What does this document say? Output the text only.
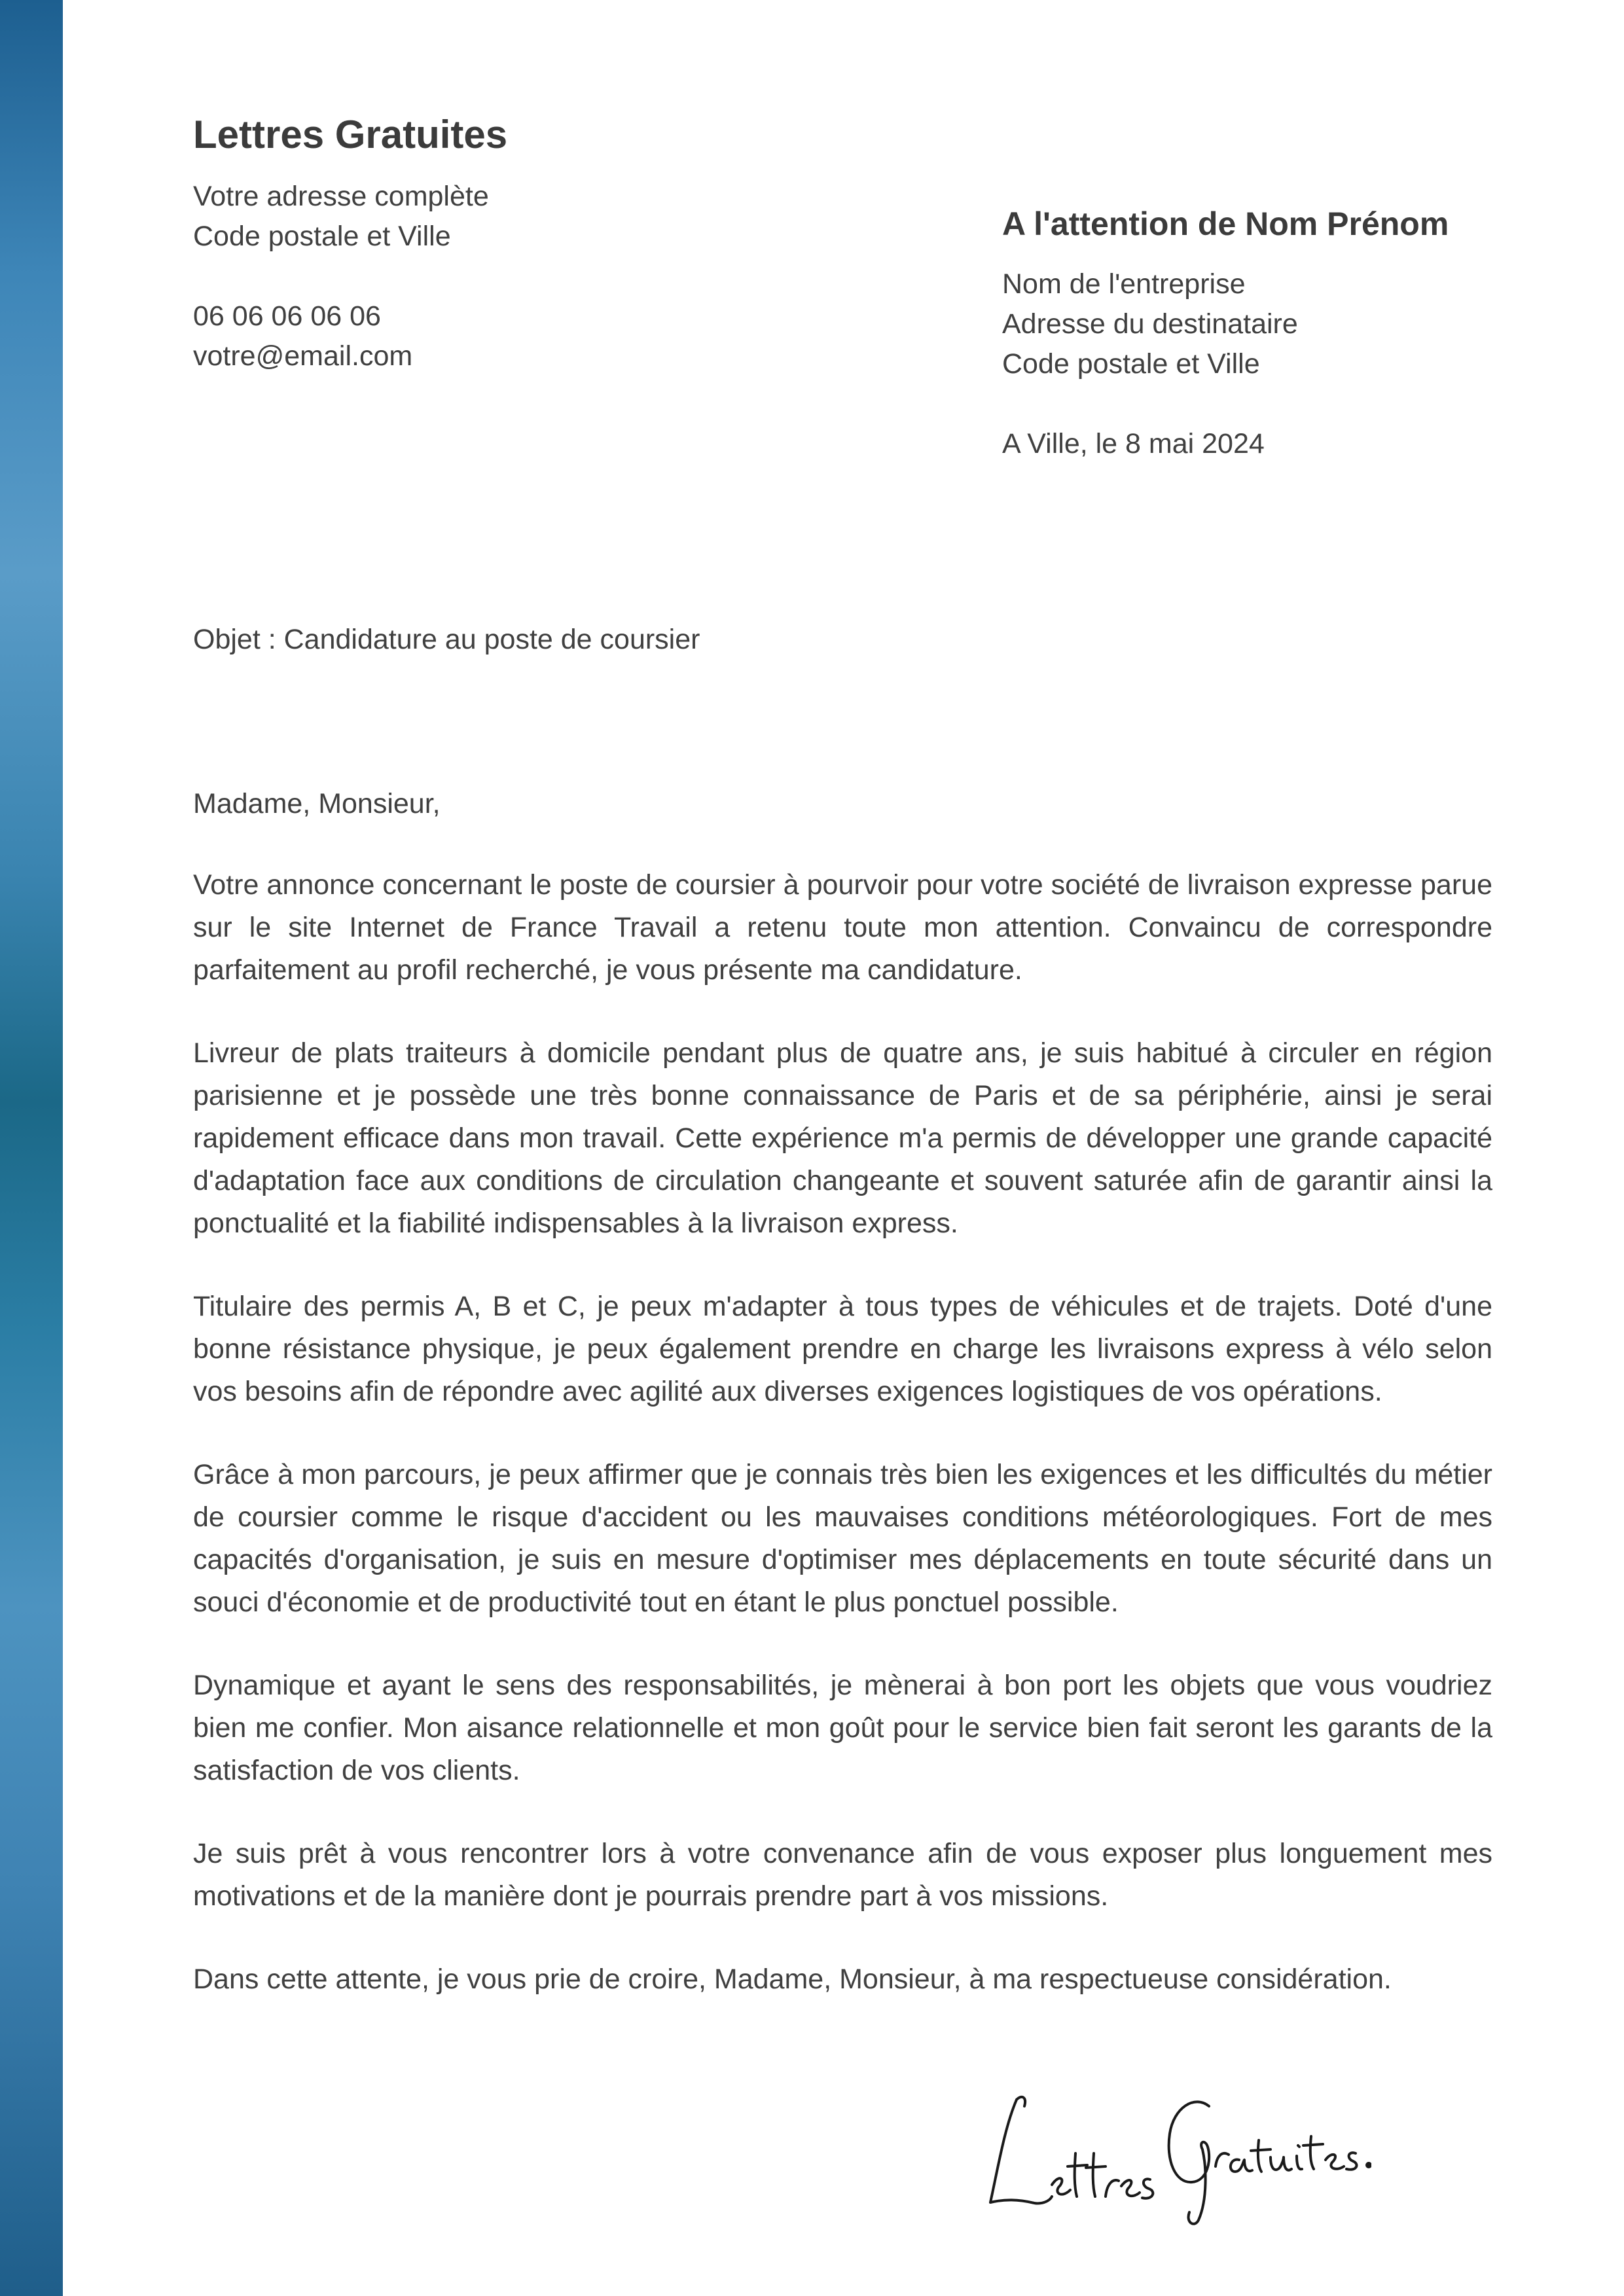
Lettres Gratuites
Votre adresse complète
Code postale et Ville
06 06 06 06 06
votre@email.com
A l'attention de Nom Prénom
Nom de l'entreprise
Adresse du destinataire
Code postale et Ville
A Ville, le 8 mai 2024
Objet : Candidature au poste de coursier
Madame, Monsieur,

Votre annonce concernant le poste de coursier à pourvoir pour votre société de livraison expresse parue sur le site Internet de France Travail a retenu toute mon attention. Convaincu de correspondre parfaitement au profil recherché, je vous présente ma candidature.

Livreur de plats traiteurs à domicile pendant plus de quatre ans, je suis habitué à circuler en région parisienne et je possède une très bonne connaissance de Paris et de sa périphérie, ainsi je serai rapidement efficace dans mon travail. Cette expérience m'a permis de développer une grande capacité d'adaptation face aux conditions de circulation changeante et souvent saturée afin de garantir ainsi la ponctualité et la fiabilité indispensables à la livraison express.

Titulaire des permis A, B et C, je peux m'adapter à tous types de véhicules et de trajets. Doté d'une bonne résistance physique, je peux également prendre en charge les livraisons express à vélo selon vos besoins afin de répondre avec agilité aux diverses exigences logistiques de vos opérations.

Grâce à mon parcours, je peux affirmer que je connais très bien les exigences et les difficultés du métier de coursier comme le risque d'accident ou les mauvaises conditions météorologiques. Fort de mes capacités d'organisation, je suis en mesure d'optimiser mes déplacements en toute sécurité dans un souci d'économie et de productivité tout en étant le plus ponctuel possible.

Dynamique et ayant le sens des responsabilités, je mènerai à bon port les objets que vous voudriez bien me confier. Mon aisance relationnelle et mon goût pour le service bien fait seront les garants de la satisfaction de vos clients.

Je suis prêt à vous rencontrer lors à votre convenance afin de vous exposer plus longuement mes motivations et de la manière dont je pourrais prendre part à vos missions.

Dans cette attente, je vous prie de croire, Madame, Monsieur, à ma respectueuse considération.
